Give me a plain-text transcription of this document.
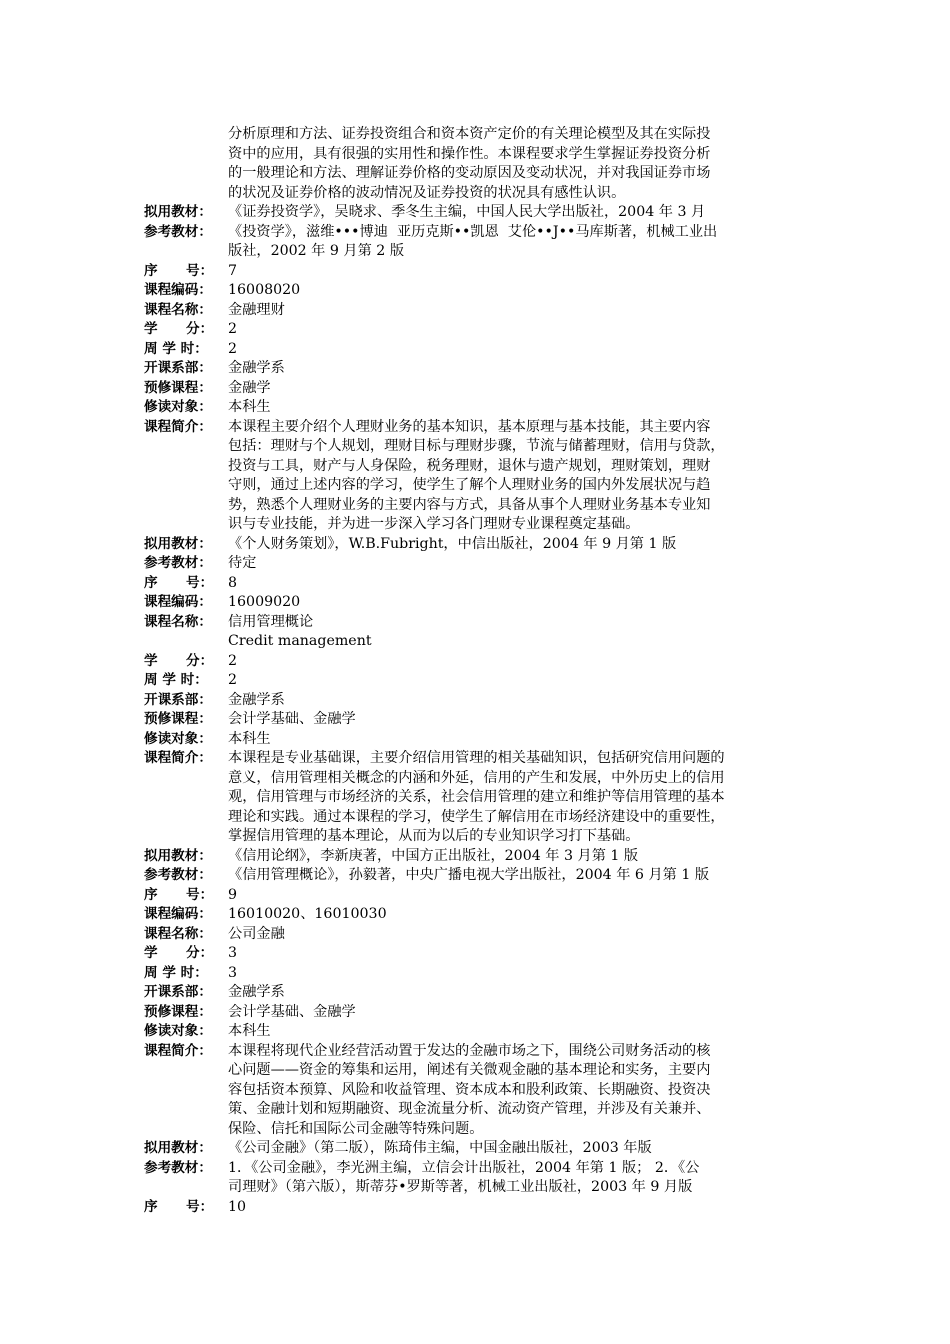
分析原理和方法、证券投资组合和资本资产定价的有关理论模型及其在实际投
资中的应用，具有很强的实用性和操作性。本课程要求学生掌握证券投资分析
的一般理论和方法、理解证券价格的变动原因及变动状况，并对我国证券市场
的状况及证券价格的波动情况及证券投资的状况具有感性认识。
拟用教材：	《证券投资学》，吴晓求、季冬生主编，中国人民大学出版社，2004 年 3 月
参考教材：	《投资学》，滋维•••博迪  亚历克斯••凯恩  艾伦••J••马库斯著，机械工业出
版社，2002 年 9 月第 2 版
序      号：	7
课程编码：	16008020
课程名称：	金融理财
学      分：	2
周 学 时：	2
开课系部：	金融学系
预修课程：	金融学
修读对象：	本科生
课程简介：	本课程主要介绍个人理财业务的基本知识，基本原理与基本技能，其主要内容
包括：理财与个人规划，理财目标与理财步骤，节流与储蓄理财，信用与贷款，
投资与工具，财产与人身保险，税务理财，退休与遗产规划，理财策划，理财
守则，通过上述内容的学习，使学生了解个人理财业务的国内外发展状况与趋
势，熟悉个人理财业务的主要内容与方式，具备从事个人理财业务基本专业知
识与专业技能，并为进一步深入学习各门理财专业课程奠定基础。
拟用教材：	《个人财务策划》，W.B.Fubright，中信出版社，2004 年 9 月第 1 版
参考教材：	待定
序      号：	8
课程编码：	16009020
课程名称：	信用管理概论
Credit management
学      分：	2
周 学 时：	2
开课系部：	金融学系
预修课程：	会计学基础、金融学
修读对象：	本科生
课程简介：	本课程是专业基础课，主要介绍信用管理的相关基础知识，包括研究信用问题的
意义，信用管理相关概念的内涵和外延，信用的产生和发展，中外历史上的信用
观，信用管理与市场经济的关系，社会信用管理的建立和维护等信用管理的基本
理论和实践。通过本课程的学习，使学生了解信用在市场经济建设中的重要性，
掌握信用管理的基本理论，从而为以后的专业知识学习打下基础。
拟用教材：	《信用论纲》，李新庚著，中国方正出版社，2004 年 3 月第 1 版
参考教材：	《信用管理概论》，孙毅著，中央广播电视大学出版社，2004 年 6 月第 1 版
序      号：	9
课程编码：	16010020、16010030
课程名称：	公司金融
学      分：	3
周 学 时：	3
开课系部：	金融学系
预修课程：	会计学基础、金融学
修读对象：	本科生
课程简介：	本课程将现代企业经营活动置于发达的金融市场之下，围绕公司财务活动的核
心问题——资金的筹集和运用，阐述有关微观金融的基本理论和实务，主要内
容包括资本预算、风险和收益管理、资本成本和股利政策、长期融资、投资决
策、金融计划和短期融资、现金流量分析、流动资产管理，并涉及有关兼并、
保险、信托和国际公司金融等特殊问题。
拟用教材：	《公司金融》（第二版），陈琦伟主编，中国金融出版社，2003 年版
参考教材：	1．《公司金融》，李光洲主编，立信会计出版社，2004 年第 1 版； 2．《公
司理财》（第六版），斯蒂芬•罗斯等著，机械工业出版社，2003 年 9 月版
序      号：	10
